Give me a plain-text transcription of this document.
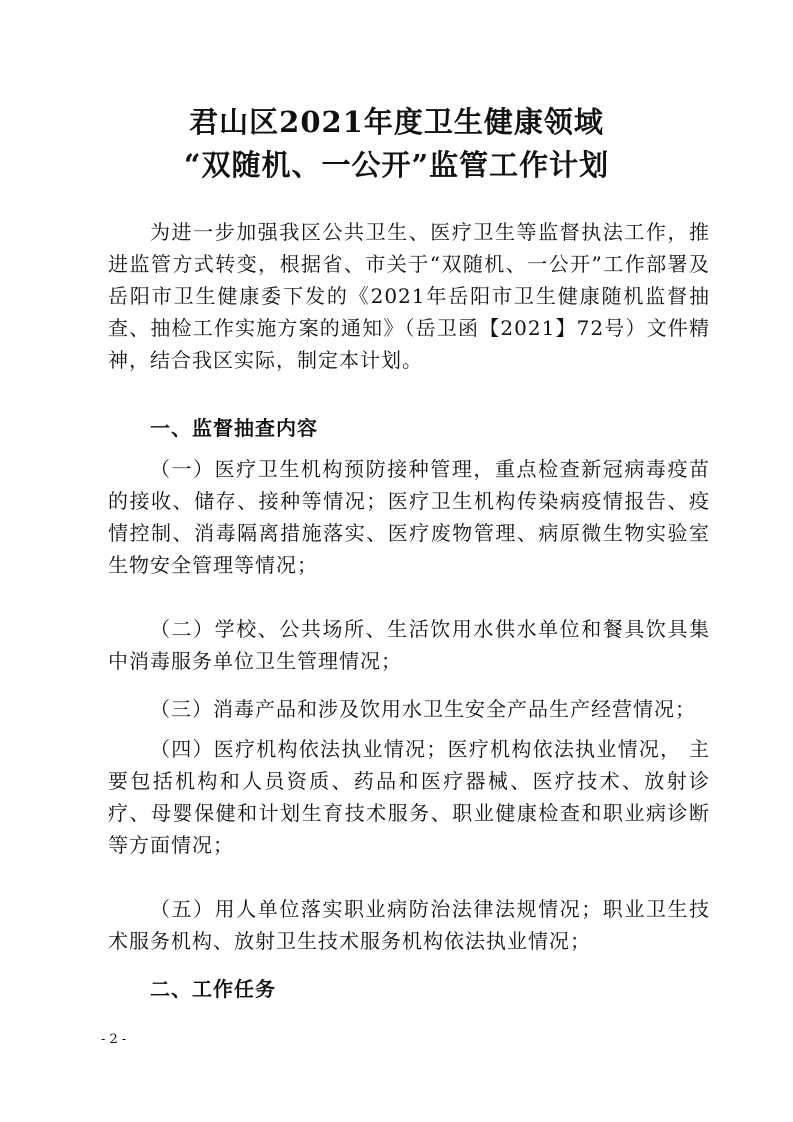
君山区2021年度卫生健康领域
“双随机、一公开”监管工作计划

为进一步加强我区公共卫生、医疗卫生等监督执法工作，推进监管方式转变，根据省、市关于“双随机、一公开”工作部署及岳阳市卫生健康委下发的《2021年岳阳市卫生健康随机监督抽查、抽检工作实施方案的通知》（岳卫函【2021】72号）文件精神，结合我区实际，制定本计划。

一、监督抽查内容

（一）医疗卫生机构预防接种管理，重点检查新冠病毒疫苗的接收、储存、接种等情况；医疗卫生机构传染病疫情报告、疫情控制、消毒隔离措施落实、医疗废物管理、病原微生物实验室生物安全管理等情况；

（二）学校、公共场所、生活饮用水供水单位和餐具饮具集中消毒服务单位卫生管理情况；

（三）消毒产品和涉及饮用水卫生安全产品生产经营情况；

（四）医疗机构依法执业情况；医疗机构依法执业情况， 主要包括机构和人员资质、药品和医疗器械、医疗技术、放射诊疗、母婴保健和计划生育技术服务、职业健康检查和职业病诊断等方面情况；

（五）用人单位落实职业病防治法律法规情况；职业卫生技术服务机构、放射卫生技术服务机构依法执业情况；

二、工作任务

- 2 -
